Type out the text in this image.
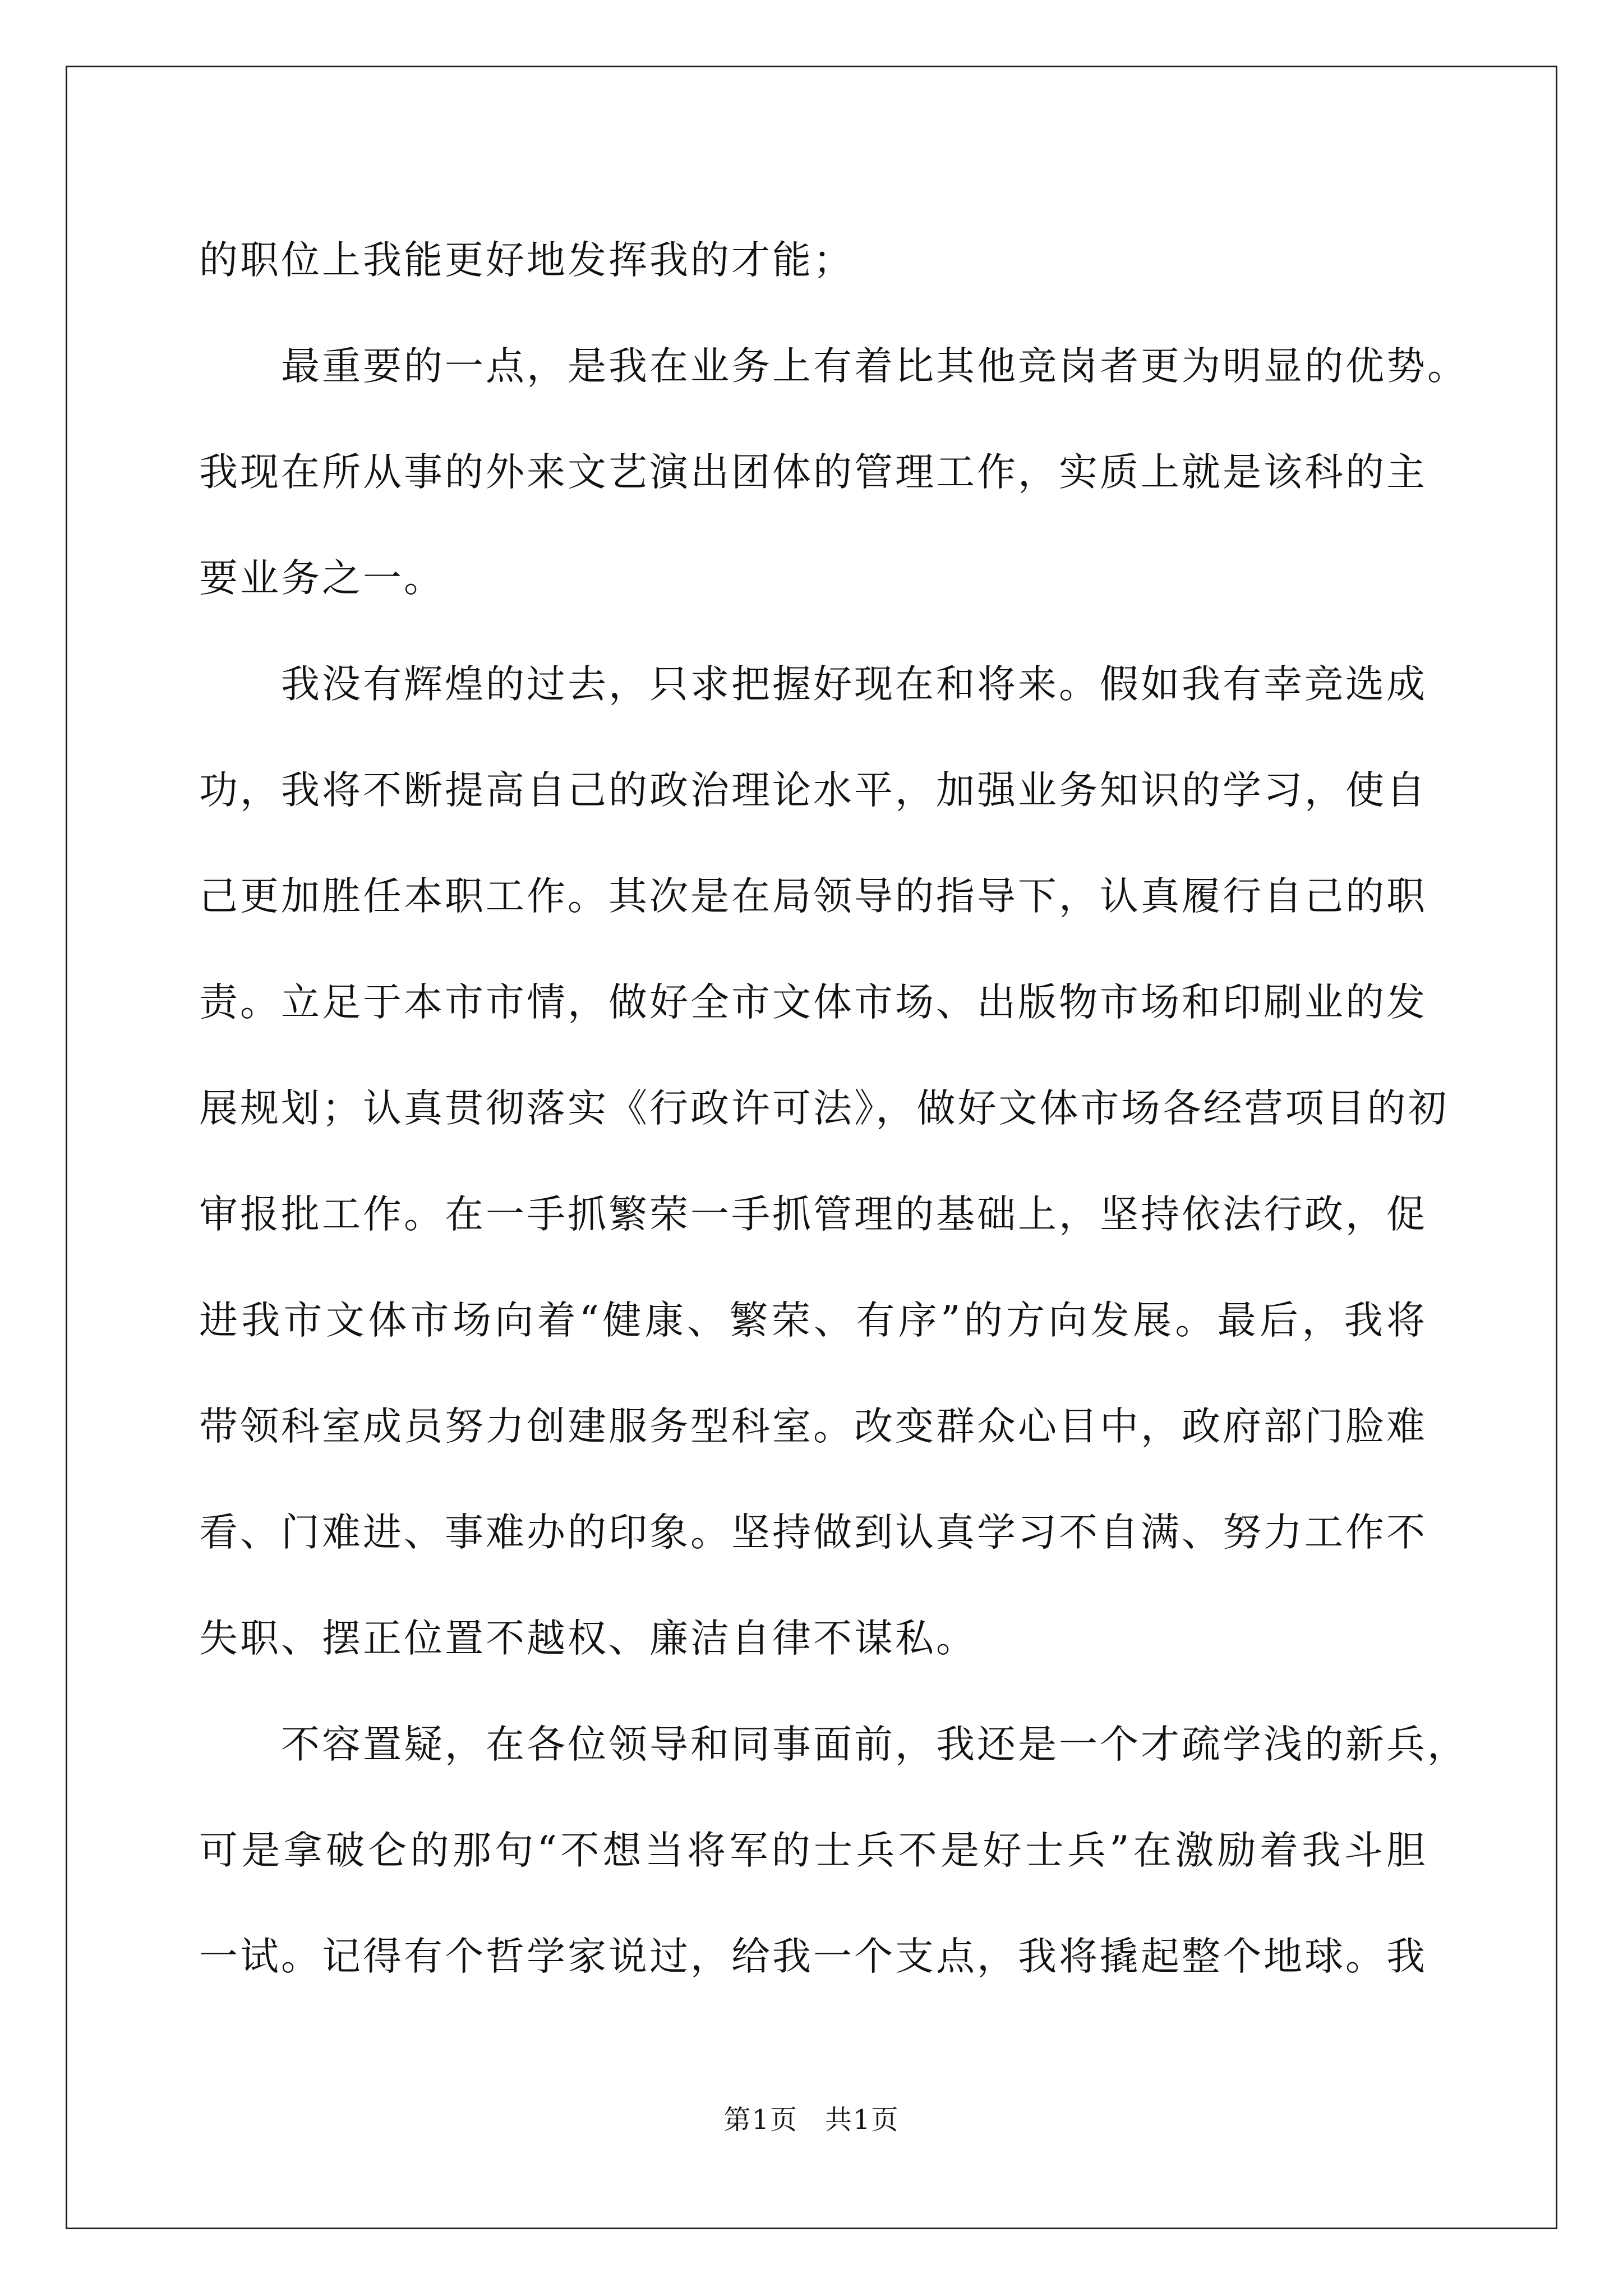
的职位上我能更好地发挥我的才能；
最重要的一点，是我在业务上有着比其他竞岗者更为明显的优势。
我现在所从事的外来文艺演出团体的管理工作，实质上就是该科的主
要业务之一。
我没有辉煌的过去，只求把握好现在和将来。假如我有幸竞选成
功，我将不断提高自己的政治理论水平，加强业务知识的学习，使自
己更加胜任本职工作。其次是在局领导的指导下，认真履行自己的职
责。立足于本市市情，做好全市文体市场、出版物市场和印刷业的发
展规划；认真贯彻落实《行政许可法》，做好文体市场各经营项目的初
审报批工作。在一手抓繁荣一手抓管理的基础上，坚持依法行政，促
进我市文体市场向着“健康、繁荣、有序”的方向发展。最后，我将
带领科室成员努力创建服务型科室。改变群众心目中，政府部门脸难
看、门难进、事难办的印象。坚持做到认真学习不自满、努力工作不
失职、摆正位置不越权、廉洁自律不谋私。
不容置疑，在各位领导和同事面前，我还是一个才疏学浅的新兵，
可是拿破仑的那句“不想当将军的士兵不是好士兵”在激励着我斗胆
一试。记得有个哲学家说过，给我一个支点，我将撬起整个地球。我
第1页 共1页
